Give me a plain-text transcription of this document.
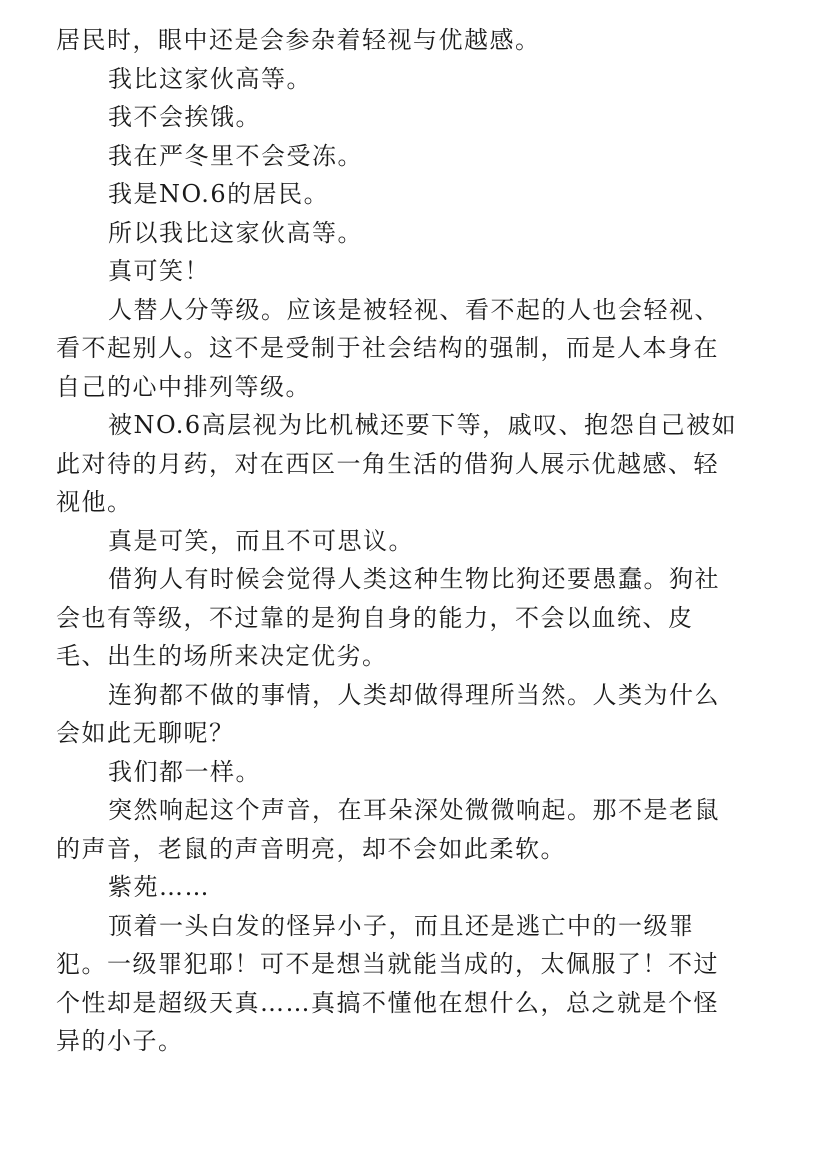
居民时，眼中还是会参杂着轻视与优越感。
我比这家伙高等。
我不会挨饿。
我在严冬里不会受冻。
我是NO.6的居民。
所以我比这家伙高等。
真可笑！
人替人分等级。应该是被轻视、看不起的人也会轻视、
看不起别人。这不是受制于社会结构的强制，而是人本身在
自己的心中排列等级。
被NO.6高层视为比机械还要下等，戚叹、抱怨自己被如
此对待的月药，对在西区一角生活的借狗人展示优越感、轻
视他。
真是可笑，而且不可思议。
借狗人有时候会觉得人类这种生物比狗还要愚蠢。狗社
会也有等级，不过靠的是狗自身的能力，不会以血统、皮
毛、出生的场所来决定优劣。
连狗都不做的事情，人类却做得理所当然。人类为什么
会如此无聊呢？
我们都一样。
突然响起这个声音，在耳朵深处微微响起。那不是老鼠
的声音，老鼠的声音明亮，却不会如此柔软。
紫苑……
顶着一头白发的怪异小子，而且还是逃亡中的一级罪
犯。一级罪犯耶！可不是想当就能当成的，太佩服了！不过
个性却是超级天真……真搞不懂他在想什么，总之就是个怪
异的小子。
